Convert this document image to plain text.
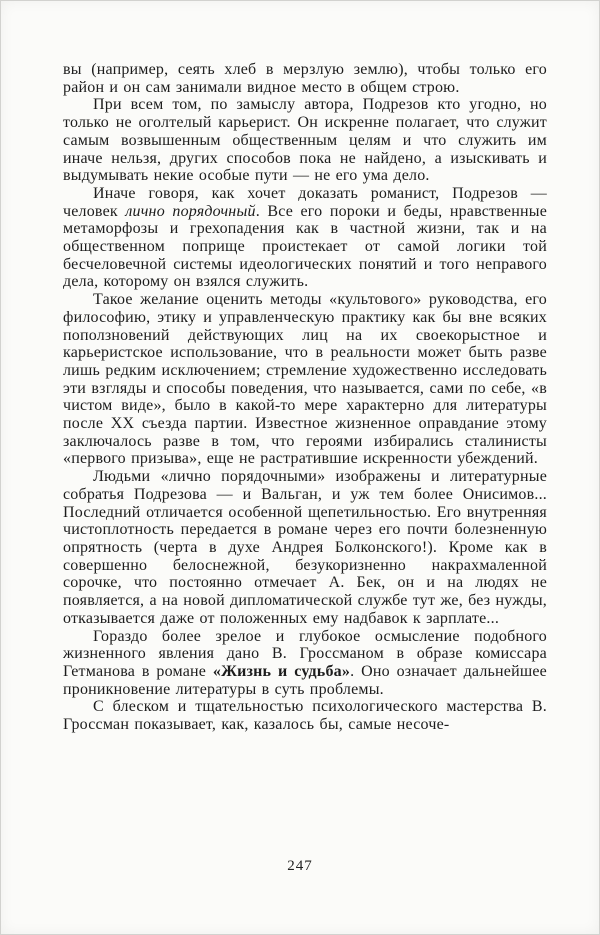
вы (например, сеять хлеб в мерзлую землю), чтобы только его район и он сам занимали видное место в общем строю.

При всем том, по замыслу автора, Подрезов кто угодно, но только не оголтелый карьерист. Он искренне полагает, что служит самым возвышенным общественным целям и что служить им иначе нельзя, других способов пока не найдено, а изыскивать и выдумывать некие особые пути — не его ума дело.

Иначе говоря, как хочет доказать романист, Подрезов — человек лично порядочный. Все его пороки и беды, нравственные метаморфозы и грехопадения как в частной жизни, так и на общественном поприще проистекает от самой логики той бесчеловечной системы идеологических понятий и того неправого дела, которому он взялся служить.

Такое желание оценить методы «культового» руководства, его философию, этику и управленческую практику как бы вне всяких поползновений действующих лиц на их своекорыстное и карьеристское использование, что в реальности может быть разве лишь редким исключением; стремление художественно исследовать эти взгляды и способы поведения, что называется, сами по себе, «в чистом виде», было в какой-то мере характерно для литературы после XX съезда партии. Известное жизненное оправдание этому заключалось разве в том, что героями избирались сталинисты «первого призыва», еще не растратившие искренности убеждений.

Людьми «лично порядочными» изображены и литературные собратья Подрезова — и Вальган, и уж тем более Онисимов... Последний отличается особенной щепетильностью. Его внутренняя чистоплотность передается в романе через его почти болезненную опрятность (черта в духе Андрея Болконского!). Кроме как в совершенно белоснежной, безукоризненно накрахмаленной сорочке, что постоянно отмечает А. Бек, он и на людях не появляется, а на новой дипломатической службе тут же, без нужды, отказывается даже от положенных ему надбавок к зарплате...

Гораздо более зрелое и глубокое осмысление подобного жизненного явления дано В. Гроссманом в образе комиссара Гетманова в романе «Жизнь и судьба». Оно означает дальнейшее проникновение литературы в суть проблемы.

С блеском и тщательностью психологического мастерства В. Гроссман показывает, как, казалось бы, самые несоче-

247
